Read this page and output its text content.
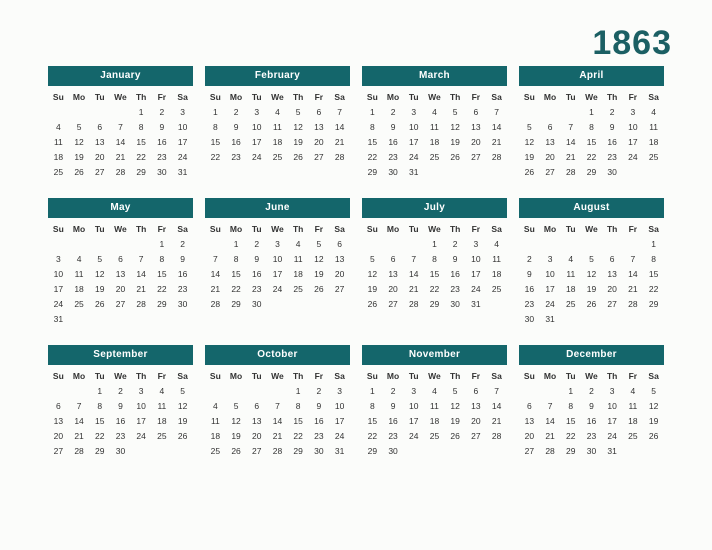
1863
January
Su	Mo	Tu	We	Th	Fr	Sa
				1	2	3
4	5	6	7	8	9	10
11	12	13	14	15	16	17
18	19	20	21	22	23	24
25	26	27	28	29	30	31
February
Su	Mo	Tu	We	Th	Fr	Sa
1	2	3	4	5	6	7
8	9	10	11	12	13	14
15	16	17	18	19	20	21
22	23	24	25	26	27	28
March
Su	Mo	Tu	We	Th	Fr	Sa
1	2	3	4	5	6	7
8	9	10	11	12	13	14
15	16	17	18	19	20	21
22	23	24	25	26	27	28
29	30	31				
April
Su	Mo	Tu	We	Th	Fr	Sa
			1	2	3	4
5	6	7	8	9	10	11
12	13	14	15	16	17	18
19	20	21	22	23	24	25
26	27	28	29	30		
May
Su	Mo	Tu	We	Th	Fr	Sa
					1	2
3	4	5	6	7	8	9
10	11	12	13	14	15	16
17	18	19	20	21	22	23
24	25	26	27	28	29	30
31						
June
Su	Mo	Tu	We	Th	Fr	Sa
	1	2	3	4	5	6
7	8	9	10	11	12	13
14	15	16	17	18	19	20
21	22	23	24	25	26	27
28	29	30				
July
Su	Mo	Tu	We	Th	Fr	Sa
			1	2	3	4
5	6	7	8	9	10	11
12	13	14	15	16	17	18
19	20	21	22	23	24	25
26	27	28	29	30	31	
August
Su	Mo	Tu	We	Th	Fr	Sa
						1
2	3	4	5	6	7	8
9	10	11	12	13	14	15
16	17	18	19	20	21	22
23	24	25	26	27	28	29
30	31					
September
Su	Mo	Tu	We	Th	Fr	Sa
		1	2	3	4	5
6	7	8	9	10	11	12
13	14	15	16	17	18	19
20	21	22	23	24	25	26
27	28	29	30			
October
Su	Mo	Tu	We	Th	Fr	Sa
				1	2	3
4	5	6	7	8	9	10
11	12	13	14	15	16	17
18	19	20	21	22	23	24
25	26	27	28	29	30	31
November
Su	Mo	Tu	We	Th	Fr	Sa
1	2	3	4	5	6	7
8	9	10	11	12	13	14
15	16	17	18	19	20	21
22	23	24	25	26	27	28
29	30					
December
Su	Mo	Tu	We	Th	Fr	Sa
		1	2	3	4	5
6	7	8	9	10	11	12
13	14	15	16	17	18	19
20	21	22	23	24	25	26
27	28	29	30	31		
